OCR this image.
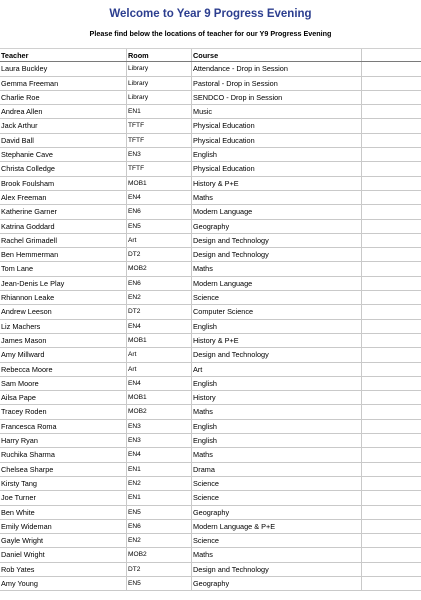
Welcome to Year 9 Progress Evening
Please find below the locations of teacher for our Y9 Progress Evening
Teacher	Room	Course
Laura Buckley	Library	Attendance - Drop in Session
Gemma Freeman	Library	Pastoral - Drop in Session
Charlie Roe	Library	SENDCO - Drop in Session
Andrea Allen	EN1	Music
Jack Arthur	TFTF	Physical Education
David Ball	TFTF	Physical Education
Stephanie Cave	EN3	English
Christa Colledge	TFTF	Physical Education
Brook Foulsham	MOB1	History & P+E
Alex Freeman	EN4	Maths
Katherine Garner	EN6	Modern Language
Katrina Goddard	EN5	Geography
Rachel Grimadell	Art	Design and Technology
Ben Hemmerman	DT2	Design and Technology
Tom Lane	MOB2	Maths
Jean-Denis Le Play	EN6	Modern Language
Rhiannon Leake	EN2	Science
Andrew Leeson	DT2	Computer Science
Liz Machers	EN4	English
James Mason	MOB1	History & P+E
Amy Millward	Art	Design and Technology
Rebecca Moore	Art	Art
Sam Moore	EN4	English
Ailsa Pape	MOB1	History
Tracey Roden	MOB2	Maths
Francesca Roma	EN3	English
Harry Ryan	EN3	English
Ruchika Sharma	EN4	Maths
Chelsea Sharpe	EN1	Drama
Kirsty Tang	EN2	Science
Joe Turner	EN1	Science
Ben White	EN5	Geography
Emily Wideman	EN6	Modern Language & P+E
Gayle Wright	EN2	Science
Daniel Wright	MOB2	Maths
Rob Yates	DT2	Design and Technology
Amy Young	EN5	Geography
